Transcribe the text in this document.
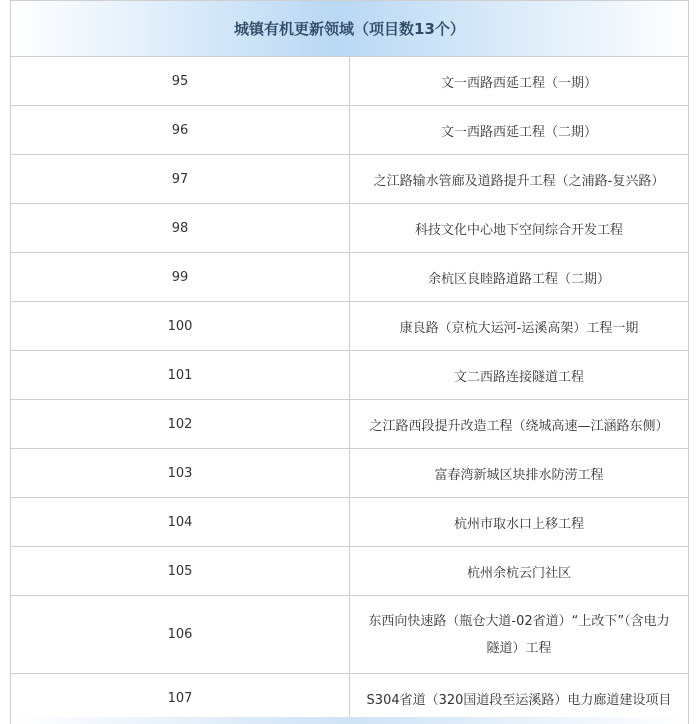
城镇有机更新领域（项目数13个）	
95	文一西路西延工程（一期）
96	文一西路西延工程（二期）
97	之江路输水管廊及道路提升工程（之浦路-复兴路）
98	科技文化中心地下空间综合开发工程
99	余杭区良睦路道路工程（二期）
100	康良路（京杭大运河-运溪高架）工程一期
101	文二西路连接隧道工程
102	之江路西段提升改造工程（绕城高速—江涵路东侧）
103	富春湾新城区块排水防涝工程
104	杭州市取水口上移工程
105	杭州余杭云门社区
106	东西向快速路（瓶仓大道-02省道）“上改下”（含电力隧道）工程
107	S304省道（320国道段至运溪路）电力廊道建设项目
